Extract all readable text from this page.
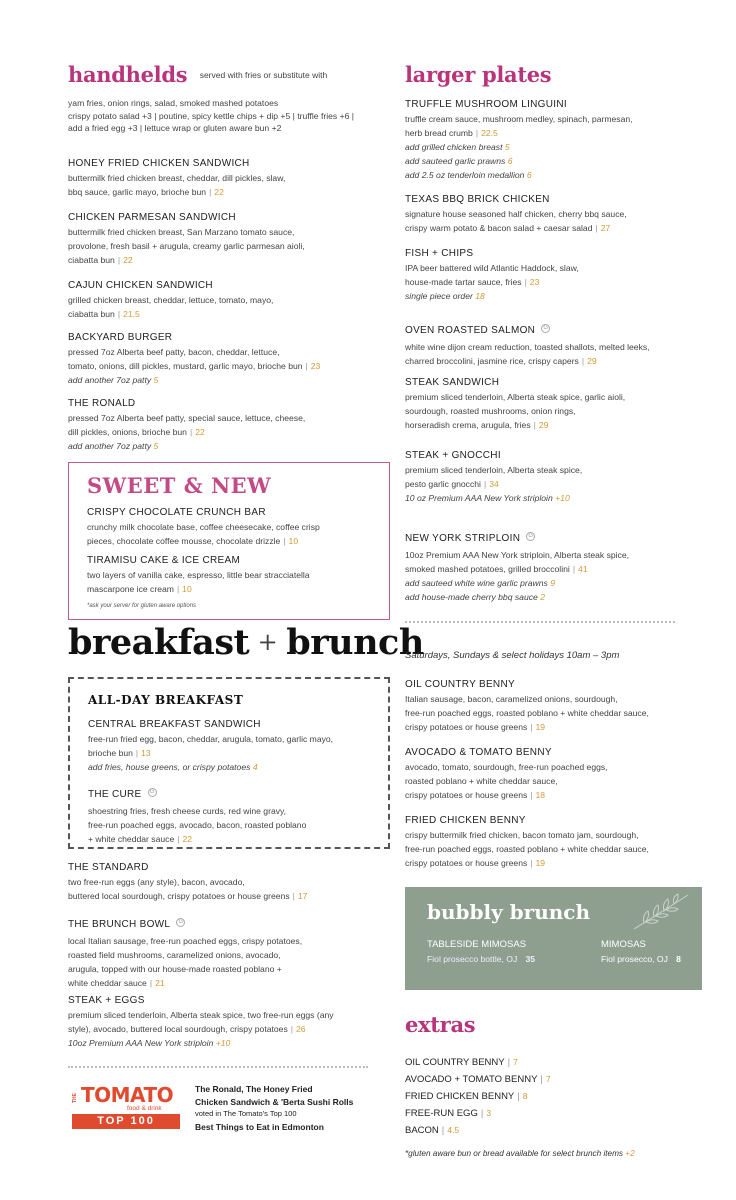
handhelds $^{served with fries or substitute with}$
yam fries, onion rings, salad, smoked mashed potatoes
crispy potato salad +3 | poutine, spicy kettle chips + dip +5 | truffle fries +6 |
add a fried egg +3 | lettuce wrap or gluten aware bun +2
HONEY FRIED CHICKEN SANDWICH
buttermilk fried chicken breast, cheddar, dill pickles, slaw,
bbq sauce, garlic mayo, brioche bun | 22
CHICKEN PARMESAN SANDWICH
buttermilk fried chicken breast, San Marzano tomato sauce,
provolone, fresh basil + arugula, creamy garlic parmesan aioli,
ciabatta bun | 22
CAJUN CHICKEN SANDWICH
grilled chicken breast, cheddar, lettuce, tomato, mayo,
ciabatta bun | 21.5
BACKYARD BURGER
pressed 7oz Alberta beef patty, bacon, cheddar, lettuce,
tomato, onions, dill pickles, mustard, garlic mayo, brioche bun | 23
add another 7oz patty 5
THE RONALD
pressed 7oz Alberta beef patty, special sauce, lettuce, cheese,
dill pickles, onions, brioche bun | 22
add another 7oz patty 5
SWEET & NEW
CRISPY CHOCOLATE CRUNCH BAR
crunchy milk chocolate base, coffee cheesecake, coffee crisp
pieces, chocolate coffee mousse, chocolate drizzle | 10
TIRAMISU CAKE & ICE CREAM
two layers of vanilla cake, espresso, little bear stracciatella
mascarpone ice cream | 10
*ask your server for gluten aware options
breakfast + brunch
ALL-DAY BREAKFAST
CENTRAL BREAKFAST SANDWICH
free-run fried egg, bacon, cheddar, arugula, tomato, garlic mayo,
brioche bun | 13
add fries, house greens, or crispy potatoes 4
THE CURE G
shoestring fries, fresh cheese curds, red wine gravy,
free-run poached eggs, avocado, bacon, roasted poblano
+ white cheddar sauce | 22
THE STANDARD
two free-run eggs (any style), bacon, avocado,
buttered local sourdough, crispy potatoes or house greens | 17
THE BRUNCH BOWL G
local Italian sausage, free-run poached eggs, crispy potatoes,
roasted field mushrooms, caramelized onions, avocado,
arugula, topped with our house-made roasted poblano +
white cheddar sauce | 21
STEAK + EGGS
premium sliced tenderloin, Alberta steak spice, two free-run eggs (any
style), avocado, buttered local sourdough, crispy potatoes | 26
10oz Premium AAA New York striploin +10
THE TOMATO
food & drink
TOP 100
The Ronald, The Honey Fried
Chicken Sandwich & 'Berta Sushi Rolls
voted in The Tomato's Top 100
Best Things to Eat in Edmonton
larger plates
TRUFFLE MUSHROOM LINGUINI
truffle cream sauce, mushroom medley, spinach, parmesan,
herb bread crumb | 22.5
add grilled chicken breast 5
add sauteed garlic prawns 6
add 2.5 oz tenderloin medallion 6
TEXAS BBQ BRICK CHICKEN
signature house seasoned half chicken, cherry bbq sauce,
crispy warm potato & bacon salad + caesar salad | 27
FISH + CHIPS
IPA beer battered wild Atlantic Haddock, slaw,
house-made tartar sauce, fries | 23
single piece order 18
OVEN ROASTED SALMON G
white wine dijon cream reduction, toasted shallots, melted leeks,
charred broccolini, jasmine rice, crispy capers | 29
STEAK SANDWICH
premium sliced tenderloin, Alberta steak spice, garlic aioli,
sourdough, roasted mushrooms, onion rings,
horseradish crema, arugula, fries | 29
STEAK + GNOCCHI
premium sliced tenderloin, Alberta steak spice,
pesto garlic gnocchi | 34
10 oz Premium AAA New York striploin +10
NEW YORK STRIPLOIN G
10oz Premium AAA New York striploin, Alberta steak spice,
smoked mashed potatoes, grilled broccolini | 41
add sauteed white wine garlic prawns 9
add house-made cherry bbq sauce 2
Saturdays, Sundays & select holidays 10am – 3pm
OIL COUNTRY BENNY
Italian sausage, bacon, caramelized onions, sourdough,
free-run poached eggs, roasted poblano + white cheddar sauce,
crispy potatoes or house greens | 19
AVOCADO & TOMATO BENNY
avocado, tomato, sourdough, free-run poached eggs,
roasted poblano + white cheddar sauce,
crispy potatoes or house greens | 18
FRIED CHICKEN BENNY
crispy buttermilk fried chicken, bacon tomato jam, sourdough,
free-run poached eggs, roasted poblano + white cheddar sauce,
crispy potatoes or house greens | 19
bubbly brunch
TABLESIDE MIMOSAS
Fiol prosecco bottle, OJ | 35
MIMOSAS
Fiol prosecco, OJ | 8
extras
OIL COUNTRY BENNY | 7
AVOCADO + TOMATO BENNY | 7
FRIED CHICKEN BENNY | 8
FREE-RUN EGG | 3
BACON | 4.5
*gluten aware bun or bread available for select brunch items +2
